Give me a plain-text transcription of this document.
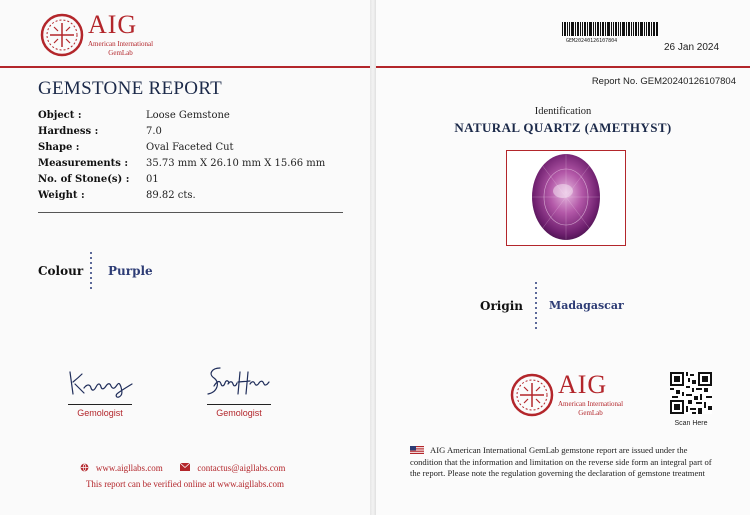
AIG
American International
GemLab
GEMSTONE REPORT
Object :	Loose Gemstone
Hardness :	7.0
Shape :	Oval Faceted Cut
Measurements :	35.73 mm X 26.10 mm X 15.66 mm
No. of Stone(s) :	01
Weight :	89.82 cts.
Colour	Purple
Gemologist	Gemologist
www.aigllabs.com	contactus@aigllabs.com
This report can be verified online at www.aigllabs.com
GEM20240126107804
26 Jan 2024
Report No. GEM20240126107804
Identification
NATURAL QUARTZ (AMETHYST)
Origin Madagascar
AIG
American International
GemLab
Scan Here
AIG American International GemLab gemstone report are issued under the condition that the information and limitation on the reverse side form an integral part of the report. Please note the regulation governing the declaration of gemstone treatment
